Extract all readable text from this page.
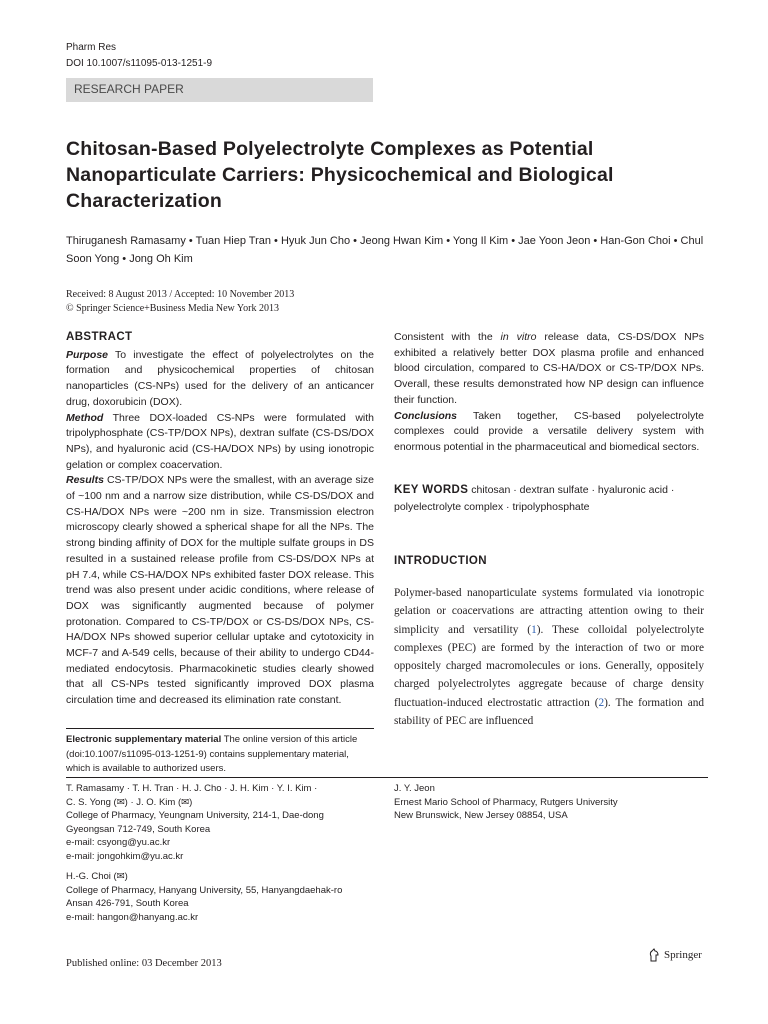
Pharm Res
DOI 10.1007/s11095-013-1251-9
RESEARCH PAPER
Chitosan-Based Polyelectrolyte Complexes as Potential Nanoparticulate Carriers: Physicochemical and Biological Characterization
Thiruganesh Ramasamy • Tuan Hiep Tran • Hyuk Jun Cho • Jeong Hwan Kim • Yong Il Kim • Jae Yoon Jeon • Han-Gon Choi • Chul Soon Yong • Jong Oh Kim
Received: 8 August 2013 / Accepted: 10 November 2013
© Springer Science+Business Media New York 2013
ABSTRACT

Purpose To investigate the effect of polyelectrolytes on the formation and physicochemical properties of chitosan nanoparticles (CS-NPs) used for the delivery of an anticancer drug, doxorubicin (DOX).

Method Three DOX-loaded CS-NPs were formulated with tripolyphosphate (CS-TP/DOX NPs), dextran sulfate (CS-DS/DOX NPs), and hyaluronic acid (CS-HA/DOX NPs) by using ionotropic gelation or complex coacervation.

Results CS-TP/DOX NPs were the smallest, with an average size of ~100 nm and a narrow size distribution, while CS-DS/DOX and CS-HA/DOX NPs were ~200 nm in size. Transmission electron microscopy clearly showed a spherical shape for all the NPs. The strong binding affinity of DOX for the multiple sulfate groups in DS resulted in a sustained release profile from CS-DS/DOX NPs at pH 7.4, while CS-HA/DOX NPs exhibited faster DOX release. This trend was also present under acidic conditions, where release of DOX was significantly augmented because of polymer protonation. Compared to CS-TP/DOX or CS-DS/DOX NPs, CS-HA/DOX NPs showed superior cellular uptake and cytotoxicity in MCF-7 and A-549 cells, because of their ability to undergo CD44-mediated endocytosis. Pharmacokinetic studies clearly showed that all CS-NPs tested significantly improved DOX plasma circulation time and decreased its elimination rate constant.

Consistent with the in vitro release data, CS-DS/DOX NPs exhibited a relatively better DOX plasma profile and enhanced blood circulation, compared to CS-HA/DOX or CS-TP/DOX NPs. Overall, these results demonstrated how NP design can influence their function.

Conclusions Taken together, CS-based polyelectrolyte complexes could provide a versatile delivery system with enormous potential in the pharmaceutical and biomedical sectors.

KEY WORDS chitosan · dextran sulfate · hyaluronic acid · polyelectrolyte complex · tripolyphosphate
INTRODUCTION
Polymer-based nanoparticulate systems formulated via ionotropic gelation or coacervations are attracting attention owing to their simplicity and versatility (1). These colloidal polyelectrolyte complexes (PEC) are formed by the interaction of two or more oppositely charged macromolecules or ions. Generally, oppositely charged polyelectrolytes aggregate because of charge density fluctuation-induced electrostatic attraction (2). The formation and stability of PEC are influenced
Electronic supplementary material The online version of this article (doi:10.1007/s11095-013-1251-9) contains supplementary material, which is available to authorized users.
T. Ramasamy · T. H. Tran · H. J. Cho · J. H. Kim · Y. I. Kim ·
C. S. Yong (✉) · J. O. Kim (✉)
College of Pharmacy, Yeungnam University, 214-1, Dae-dong
Gyeongsan 712-749, South Korea
e-mail: csyong@yu.ac.kr
e-mail: jongohkim@yu.ac.kr
H.-G. Choi (✉)
College of Pharmacy, Hanyang University, 55, Hanyangdaehak-ro
Ansan 426-791, South Korea
e-mail: hangon@hanyang.ac.kr
J. Y. Jeon
Ernest Mario School of Pharmacy, Rutgers University
New Brunswick, New Jersey 08854, USA
Published online: 03 December 2013
Springer
